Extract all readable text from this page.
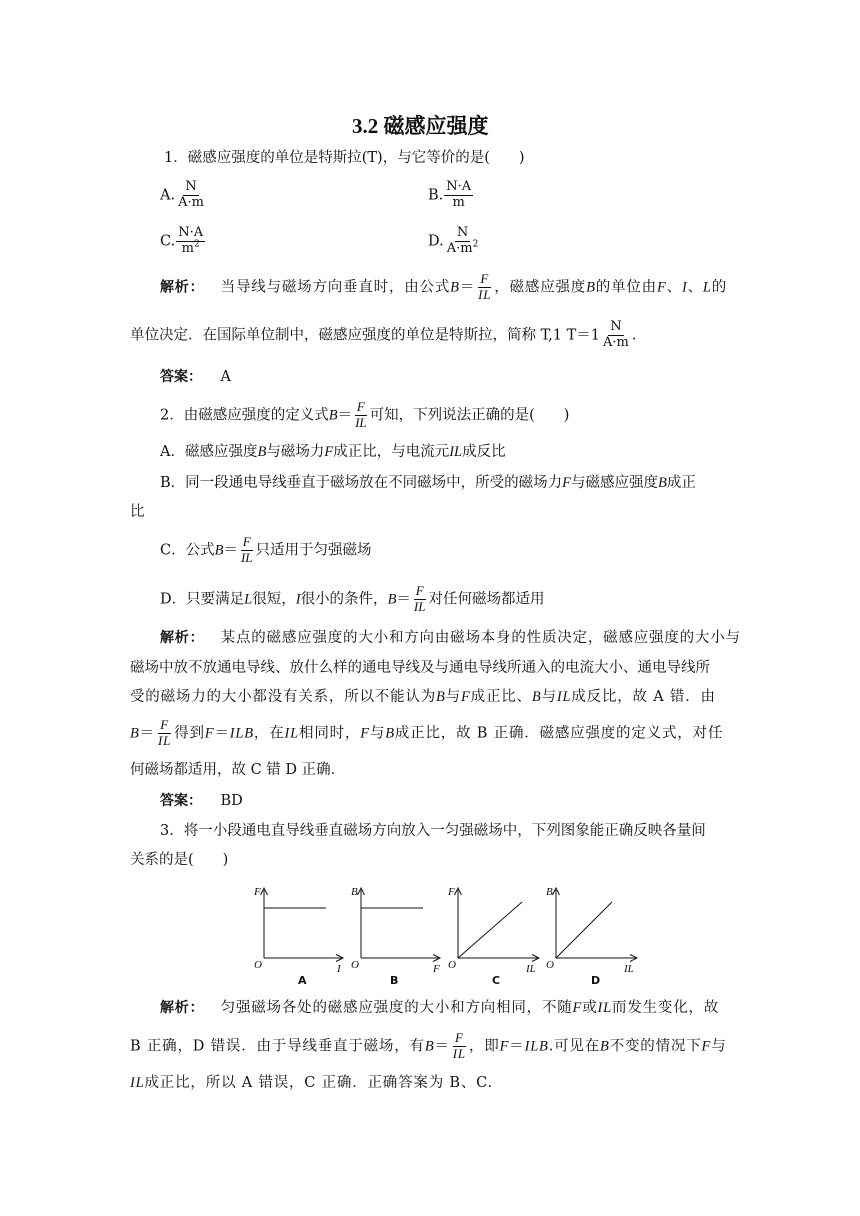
3.2 磁感应强度
1．磁感应强度的单位是特斯拉(T)，与它等价的是(　　)
A. $\frac{N}{A\cdot m}$	B. $\frac{N\cdot A}{m}$
C. $\frac{N\cdot A}{m^2}$	D. $\frac{N}{A\cdot m^2}$
解析： 当导线与磁场方向垂直时，由公式$B= \frac{F}{IL}$ ，磁感应强度B的单位由F、I、L的
单位决定．在国际单位制中，磁感应强度的单位是特斯拉，简称 T,1 $T=1 \frac{N}{A\cdot m}$ .
答案： A
2．由磁感应强度的定义式$B= \frac{F}{IL}$ 可知，下列说法正确的是(　　)
A．磁感应强度B与磁场力F成正比，与电流元IL成反比
B．同一段通电导线垂直于磁场放在不同磁场中，所受的磁场力F与磁感应强度B成正
比
C．公式$B= \frac{F}{IL}$ 只适用于匀强磁场
D．只要满足L很短，I很小的条件，$B= \frac{F}{IL}$ 对任何磁场都适用
解析： 某点的磁感应强度的大小和方向由磁场本身的性质决定，磁感应强度的大小与
磁场中放不放通电导线、放什么样的通电导线及与通电导线所通入的电流大小、通电导线所
受的磁场力的大小都没有关系，所以不能认为B与F成正比、B与IL成反比，故 A 错．由
$B= \frac{F}{IL}$ 得到F＝ILB，在IL相同时，F与B成正比，故 B 正确．磁感应强度的定义式，对任
何磁场都适用，故 C 错 D 正确．
答案： BD
3．将一小段通电直导线垂直磁场方向放入一匀强磁场中，下列图象能正确反映各量间
关系的是(　　)
F
O	I
A
B
O	F
B
F
O	IL
C
B
O	IL
D
解析： 匀强磁场各处的磁感应强度的大小和方向相同，不随F或IL而发生变化，故
B 正确，D 错误．由于导线垂直于磁场，有$B= \frac{F}{IL}$ ，即F＝ILB.可见在B不变的情况下F与
IL成正比，所以 A 错误，C 正确．正确答案为 B、C.
